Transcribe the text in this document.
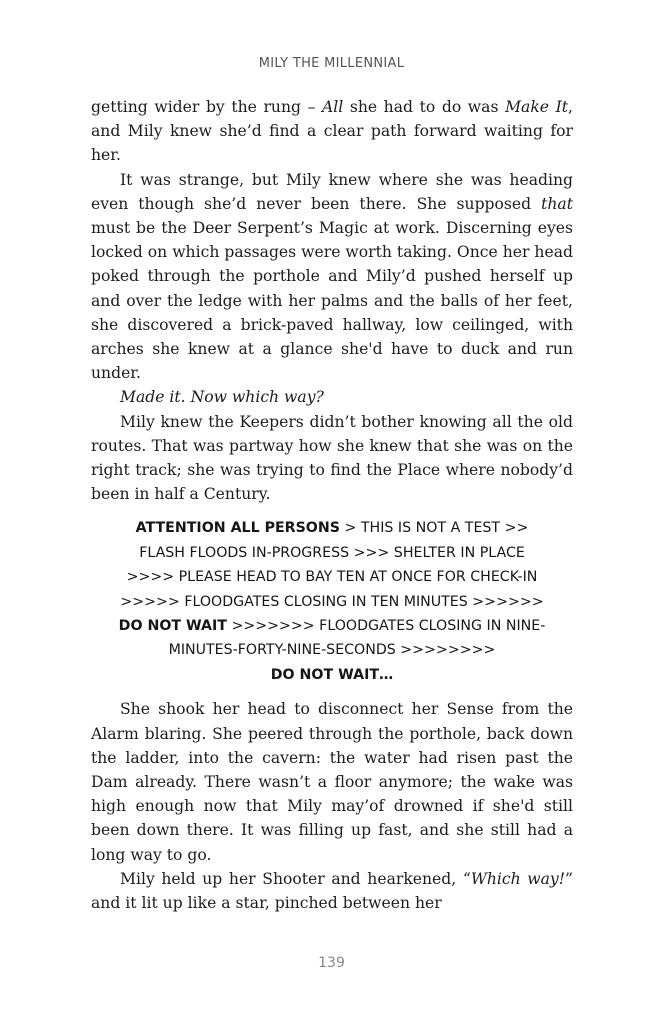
MILY THE MILLENNIAL

getting wider by the rung – All she had to do was Make It, and Mily knew she’d find a clear path forward waiting for her.

It was strange, but Mily knew where she was heading even though she’d never been there. She supposed that must be the Deer Serpent’s Magic at work. Discerning eyes locked on which passages were worth taking. Once her head poked through the porthole and Mily’d pushed herself up and over the ledge with her palms and the balls of her feet, she discovered a brick-paved hallway, low ceilinged, with arches she knew at a glance she'd have to duck and run under.

Made it. Now which way?

Mily knew the Keepers didn’t bother knowing all the old routes. That was partway how she knew that she was on the right track; she was trying to find the Place where nobody’d been in half a Century.

ATTENTION ALL PERSONS > THIS IS NOT A TEST >>
FLASH FLOODS IN-PROGRESS >>> SHELTER IN PLACE
>>>> PLEASE HEAD TO BAY TEN AT ONCE FOR CHECK-IN
>>>>> FLOODGATES CLOSING IN TEN MINUTES >>>>>>
DO NOT WAIT >>>>>>> FLOODGATES CLOSING IN NINE-
MINUTES-FORTY-NINE-SECONDS >>>>>>>>
DO NOT WAIT…

She shook her head to disconnect her Sense from the Alarm blaring. She peered through the porthole, back down the ladder, into the cavern: the water had risen past the Dam already. There wasn’t a floor anymore; the wake was high enough now that Mily may’of drowned if she'd still been down there. It was filling up fast, and she still had a long way to go.

Mily held up her Shooter and hearkened, “Which way!” and it lit up like a star, pinched between her

139
